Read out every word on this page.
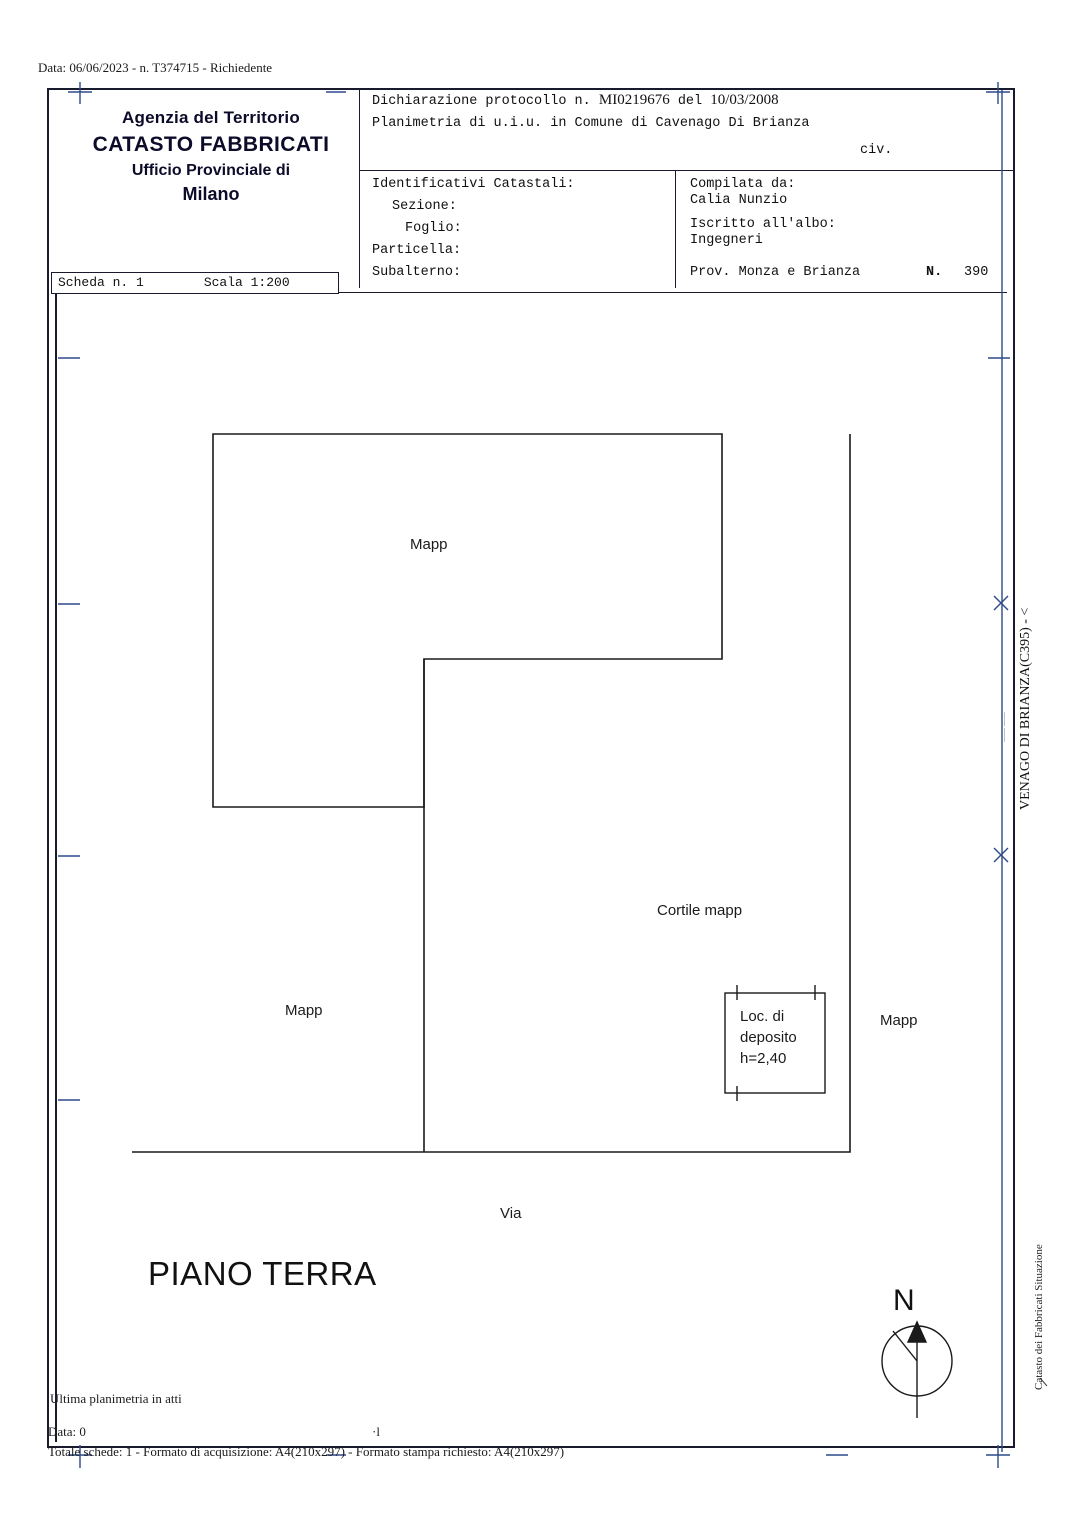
Data: 06/06/2023 - n. T374715 - Richiedente
Agenzia del Territorio
CATASTO FABBRICATI
Ufficio Provinciale di
Milano
Scheda n. 1	Scala 1:200
Dichiarazione protocollo n. MI0219676 del 10/03/2008
Planimetria di u.i.u. in Comune di Cavenago Di Brianza
civ.
Identificativi Catastali:
Sezione:
Foglio:
Particella:
Subalterno:
Compilata da:
Calia Nunzio
Iscritto all'albo:
Ingegneri
Prov. Monza e Brianza	N. 390
Mapp
Cortile mapp
Mapp
Mapp
Via
Loc. di
deposito
h=2,40
PIANO TERRA
N
VENAGO DI BRIANZA(C395) - <
Catasto dei Fabbricati Situazione
—— ——
Ultima planimetria in atti
Data: 0	·l
Totale schede: 1 - Formato di acquisizione: A4(210x297) - Formato stampa richiesto: A4(210x297)
